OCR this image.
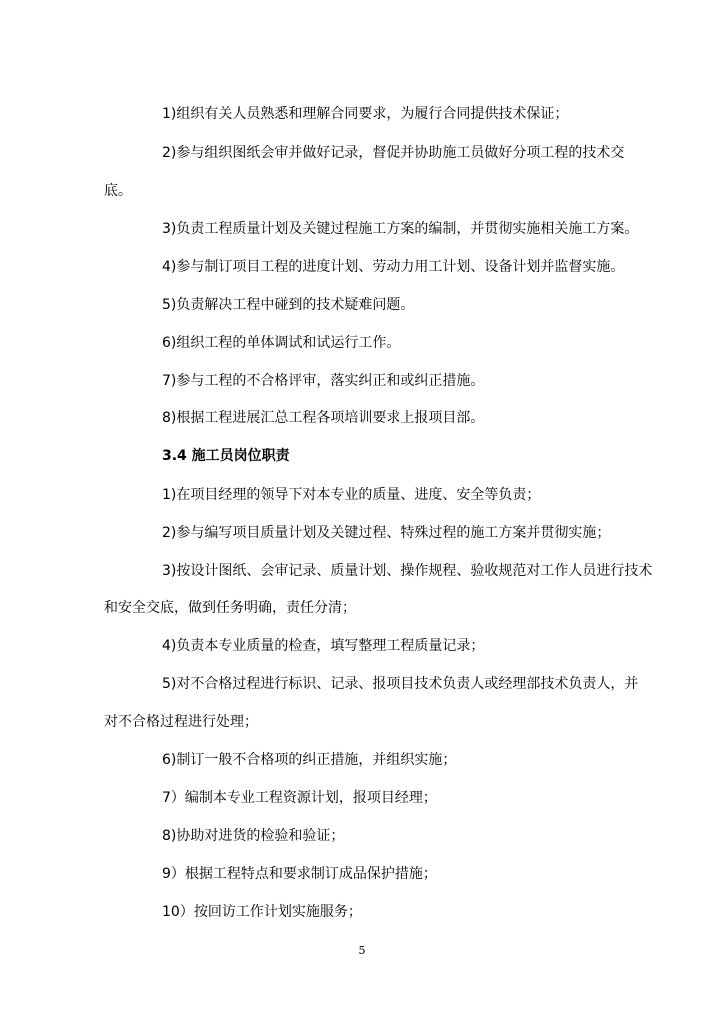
1)组织有关人员熟悉和理解合同要求，为履行合同提供技术保证；
2)参与组织图纸会审并做好记录，督促并协助施工员做好分项工程的技术交
底。
3)负责工程质量计划及关键过程施工方案的编制，并贯彻实施相关施工方案。
4)参与制订项目工程的进度计划、劳动力用工计划、设备计划并监督实施。
5)负责解决工程中碰到的技术疑难问题。
6)组织工程的单体调试和试运行工作。
7)参与工程的不合格评审，落实纠正和或纠正措施。
8)根据工程进展汇总工程各项培训要求上报项目部。
3.4 施工员岗位职责
1)在项目经理的领导下对本专业的质量、进度、安全等负责；
2)参与编写项目质量计划及关键过程、特殊过程的施工方案并贯彻实施；
3)按设计图纸、会审记录、质量计划、操作规程、验收规范对工作人员进行技术
和安全交底，做到任务明确，责任分清；
4)负责本专业质量的检查，填写整理工程质量记录；
5)对不合格过程进行标识、记录、报项目技术负责人或经理部技术负责人，并
对不合格过程进行处理；
6)制订一般不合格项的纠正措施，并组织实施；
7）编制本专业工程资源计划，报项目经理；
8)协助对进货的检验和验证；
9）根据工程特点和要求制订成品保护措施；
10）按回访工作计划实施服务；
5
